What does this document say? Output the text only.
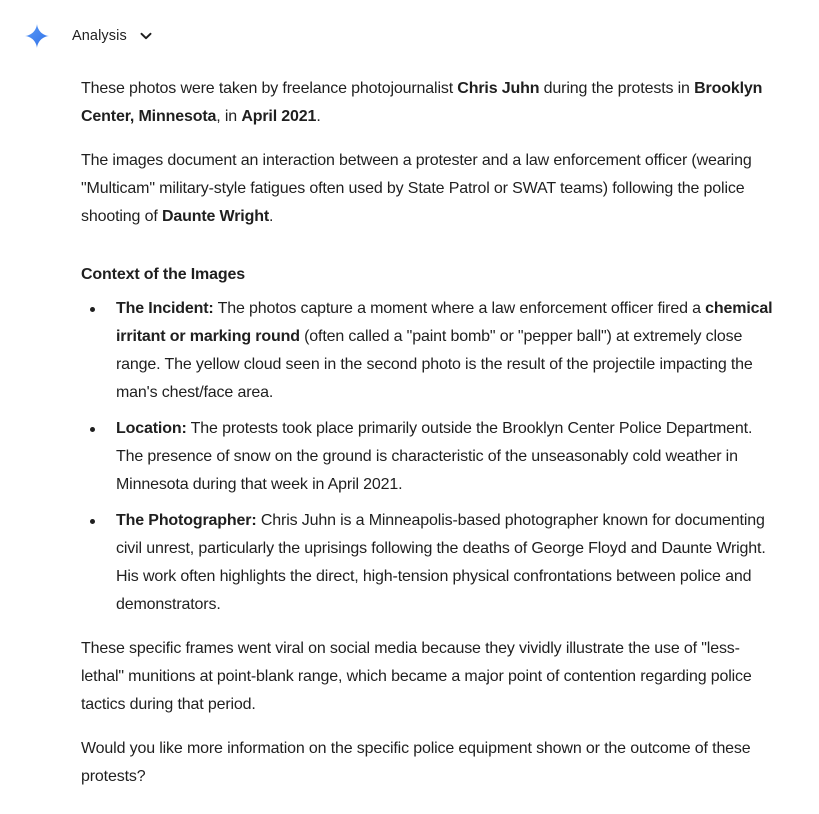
Analysis

These photos were taken by freelance photojournalist Chris Juhn during the protests in Brooklyn Center, Minnesota, in April 2021.

The images document an interaction between a protester and a law enforcement officer (wearing "Multicam" military-style fatigues often used by State Patrol or SWAT teams) following the police shooting of Daunte Wright.

Context of the Images
The Incident: The photos capture a moment where a law enforcement officer fired a chemical irritant or marking round (often called a "paint bomb" or "pepper ball") at extremely close range. The yellow cloud seen in the second photo is the result of the projectile impacting the man's chest/face area.
Location: The protests took place primarily outside the Brooklyn Center Police Department. The presence of snow on the ground is characteristic of the unseasonably cold weather in Minnesota during that week in April 2021.
The Photographer: Chris Juhn is a Minneapolis-based photographer known for documenting civil unrest, particularly the uprisings following the deaths of George Floyd and Daunte Wright. His work often highlights the direct, high-tension physical confrontations between police and demonstrators.

These specific frames went viral on social media because they vividly illustrate the use of "less-lethal" munitions at point-blank range, which became a major point of contention regarding police tactics during that period.

Would you like more information on the specific police equipment shown or the outcome of these protests?
